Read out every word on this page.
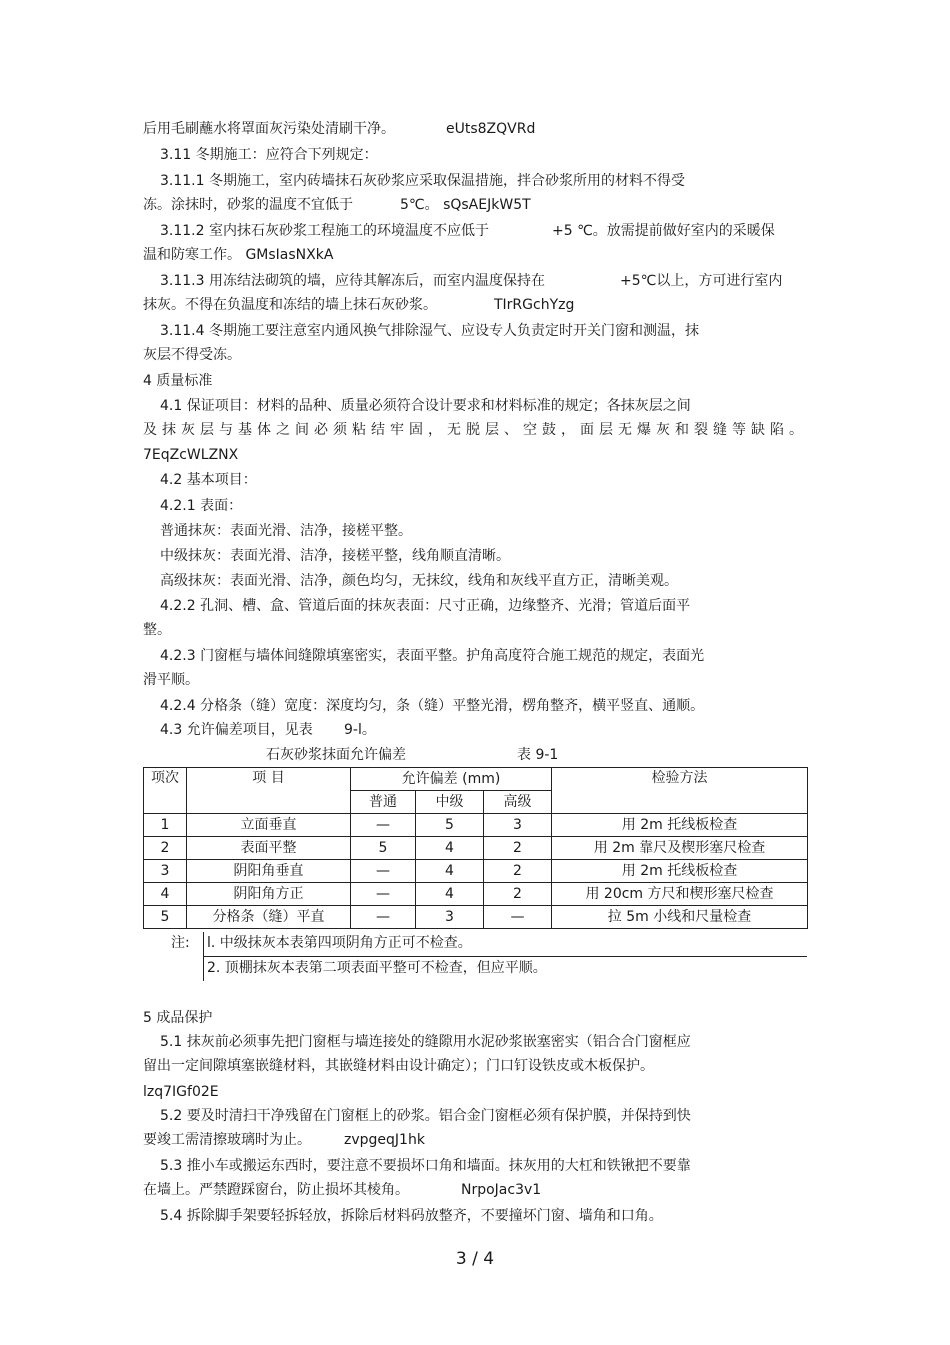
后用毛刷蘸水将罩面灰污染处清刷干净。	eUts8ZQVRd
3.11 冬期施工：应符合下列规定：
3.11.1 冬期施工，室内砖墙抹石灰砂浆应采取保温措施，拌合砂浆所用的材料不得受
冻。涂抹时，砂浆的温度不宜低于	5℃。 sQsAEJkW5T
3.11.2 室内抹石灰砂浆工程施工的环境温度不应低于	+5 ℃。放需提前做好室内的采暖保
温和防寒工作。 GMsIasNXkA
3.11.3 用冻结法砌筑的墙，应待其解冻后，而室内温度保持在	+5℃以上，方可进行室内
抹灰。不得在负温度和冻结的墙上抹石灰砂浆。	TIrRGchYzg
3.11.4 冬期施工要注意室内通风换气排除湿气、应设专人负责定时开关门窗和测温，抹
灰层不得受冻。
4 质量标准
4.1 保证项目：材料的品种、质量必须符合设计要求和材料标准的规定；各抹灰层之间
及抹灰层与基体之间必须粘结牢固，无脱层、空鼓，面层无爆灰和裂缝等缺陷。
7EqZcWLZNX
4.2 基本项目：
4.2.1 表面：
普通抹灰：表面光滑、洁净，接槎平整。
中级抹灰：表面光滑、洁净，接槎平整，线角顺直清晰。
高级抹灰：表面光滑、洁净，颜色均匀，无抹纹，线角和灰线平直方正，清晰美观。
4.2.2 孔洞、槽、盒、管道后面的抹灰表面：尺寸正确，边缘整齐、光滑；管道后面平
整。
4.2.3 门窗框与墙体间缝隙填塞密实，表面平整。护角高度符合施工规范的规定，表面光
滑平顺。
4.2.4 分格条（缝）宽度：深度均匀，条（缝）平整光滑，楞角整齐，横平竖直、通顺。
4.3 允许偏差项目，见表 9-l。
石灰砂浆抹面允许偏差	表 9-1
项次	项 目	允许偏差 (mm)			检验方法
		普通	中级	高级	
1	立面垂直	—	5	3	用 2m 托线板检查
2	表面平整	5	4	2	用 2m 靠尺及楔形塞尺检查
3	阴阳角垂直	—	4	2	用 2m 托线板检查
4	阴阳角方正	—	4	2	用 20cm 方尺和楔形塞尺检查
5	分格条（缝）平直	—	3	—	拉 5m 小线和尺量检查
注: l. 中级抹灰本表第四项阴角方正可不检查。
2. 顶棚抹灰本表第二项表面平整可不检查，但应平顺。
5 成品保护
5.1 抹灰前必须事先把门窗框与墙连接处的缝隙用水泥砂浆嵌塞密实（铝合合门窗框应
留出一定间隙填塞嵌缝材料，其嵌缝材料由设计确定）；门口钉设铁皮或木板保护。
lzq7IGf02E
5.2 要及时清扫干净残留在门窗框上的砂浆。铝合金门窗框必须有保护膜，并保持到快
要竣工需清擦玻璃时为止。 zvpgeqJ1hk
5.3 推小车或搬运东西时，要注意不要损坏口角和墙面。抹灰用的大杠和铁锹把不要靠
在墙上。严禁蹬踩窗台，防止损坏其棱角。	NrpoJac3v1
5.4 拆除脚手架要轻拆轻放，拆除后材料码放整齐，不要撞坏门窗、墙角和口角。
3 / 4
